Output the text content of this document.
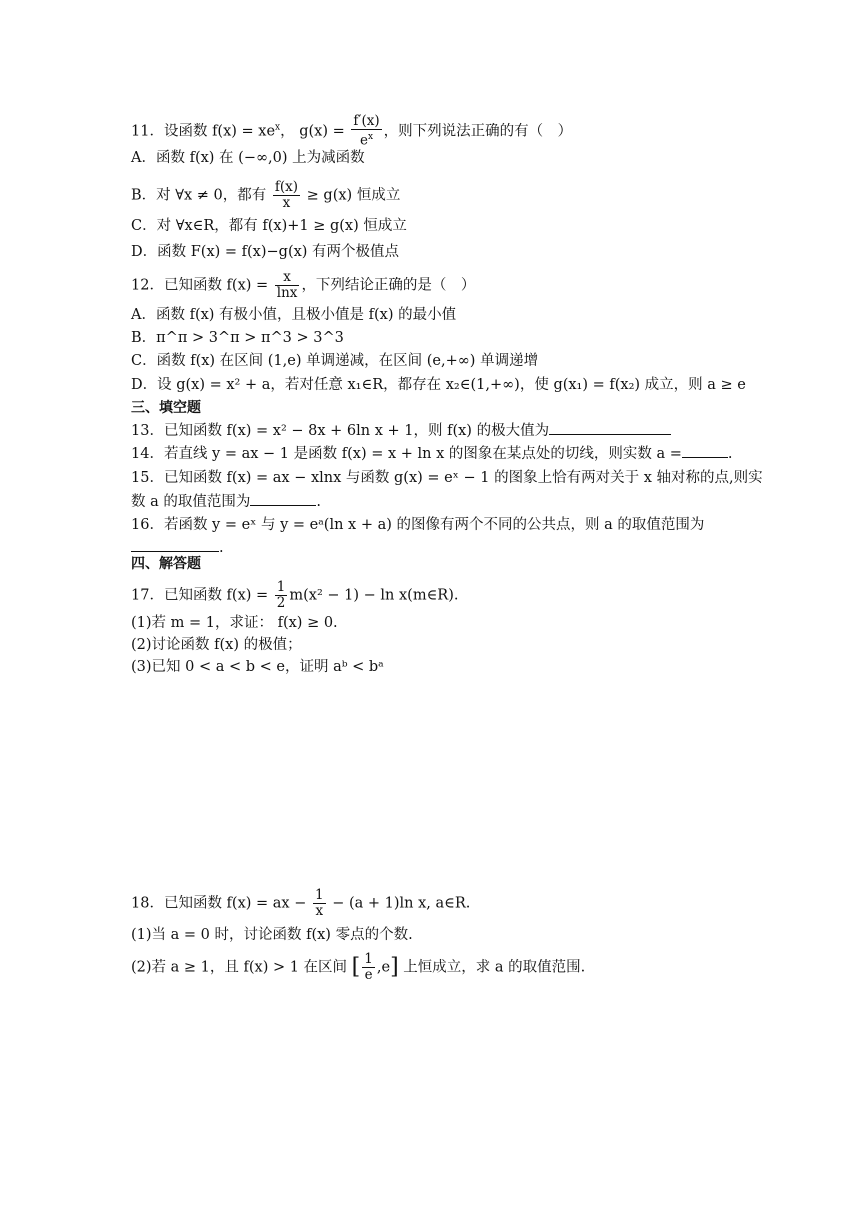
11．设函数 $f(x) = xe^x$， $g(x) = \frac{f'(x)}{e^x}$ ，则下列说法正确的有（　）
A．函数 f(x) 在 (−∞,0) 上为减函数
B．对 ∀x ≠ 0，都有 $\frac{f(x)}{x} \ge g(x)$ 恒成立
C．对 ∀x∈R，都有 f(x)+1 ≥ g(x) 恒成立
D．函数 F(x) = f(x)−g(x) 有两个极值点
12．已知函数 $f(x) = \frac{x}{\ln x}$ ，下列结论正确的是（　）
A．函数 f(x) 有极小值，且极小值是 f(x) 的最小值
B．π^π > 3^π > π^3 > 3^3
C．函数 f(x) 在区间 (1,e) 单调递减，在区间 (e,+∞) 单调递增
D．设 g(x) = x² + a，若对任意 x₁∈R，都存在 x₂∈(1,+∞)，使 g(x₁) = f(x₂) 成立，则 a ≥ e
三、填空题
13．已知函数 f(x) = x² − 8x + 6ln x + 1，则 f(x) 的极大值为
14．若直线 y = ax − 1 是函数 f(x) = x + ln x 的图象在某点处的切线，则实数 a =	.
15．已知函数 f(x) = ax − xlnx 与函数 g(x) = eˣ − 1 的图象上恰有两对关于 x 轴对称的点,则实
数 a 的取值范围为	.
16．若函数 y = eˣ 与 y = eᵃ(ln x + a) 的图像有两个不同的公共点，则 a 的取值范围为
.
四、解答题
17．已知函数 $f(x) = \frac{1}{2} m(x^2 - 1) - \ln$ x(m∈R).
(1)若 m = 1，求证： f(x) ≥ 0.
(2)讨论函数 f(x) 的极值；
(3)已知 0 < a < b < e，证明 aᵇ < bᵃ
18．已知函数 f(x) = ax − $\frac{1}{x} - (a + 1)\ln$ x, a∈R.
(1)当 a = 0 时，讨论函数 f(x) 零点的个数.
(2)若 a ≥ 1，且 f(x) > 1 在区间 [ $\frac{1}{e} ,e$] 上恒成立，求 a 的取值范围.
